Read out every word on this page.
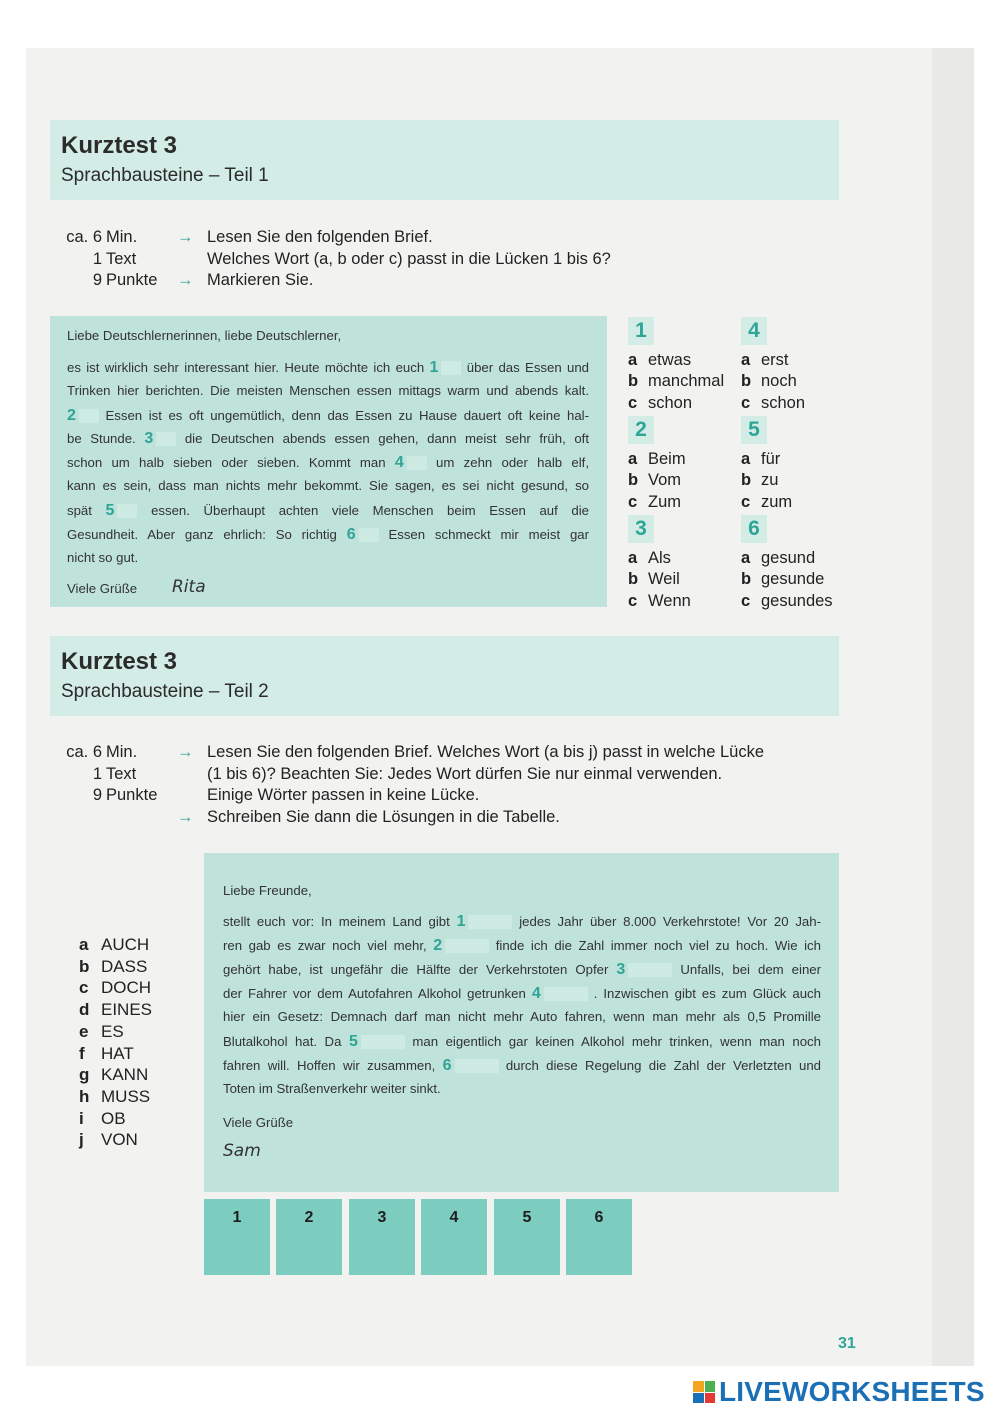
Kurztest 3
Sprachbausteine – Teil 1
ca. 6 Min.
1 Text
9 Punkte
→ Lesen Sie den folgenden Brief.
Welches Wort (a, b oder c) passt in die Lücken 1 bis 6?
→ Markieren Sie.
Liebe Deutschlernerinnen, liebe Deutschlerner,
es ist wirklich sehr interessant hier. Heute möchte ich euch 1 über das Essen und
Trinken hier berichten. Die meisten Menschen essen mittags warm und abends kalt.
2 Essen ist es oft ungemütlich, denn das Essen zu Hause dauert oft keine hal-
be Stunde. 3 die Deutschen abends essen gehen, dann meist sehr früh, oft
schon um halb sieben oder sieben. Kommt man 4 um zehn oder halb elf,
kann es sein, dass man nichts mehr bekommt. Sie sagen, es sei nicht gesund, so
spät 5	essen. Überhaupt achten viele Menschen beim Essen auf die
Gesundheit. Aber ganz ehrlich: So richtig 6 Essen schmeckt mir meist gar
nicht so gut.
Viele Grüße Rita
1
a etwas
b manchmal
c schon
2
a Beim
b Vom
c Zum
3
a Als
b Weil
c Wenn
4
a erst
b noch
c schon
5
a für
b zu
c zum
6
a gesund
b gesunde
c gesundes
Kurztest 3
Sprachbausteine – Teil 2
ca. 6 Min.
1 Text
9 Punkte
→ Lesen Sie den folgenden Brief. Welches Wort (a bis j) passt in welche Lücke
(1 bis 6)? Beachten Sie: Jedes Wort dürfen Sie nur einmal verwenden.
Einige Wörter passen in keine Lücke.
→ Schreiben Sie dann die Lösungen in die Tabelle.
a AUCH
b DASS
c DOCH
d EINES
e ES
f HAT
g KANN
h MUSS
i OB
j VON
Liebe Freunde,
stellt euch vor: In meinem Land gibt 1	jedes Jahr über 8.000 Verkehrstote! Vor 20 Jah-
ren gab es zwar noch viel mehr, 2	finde ich die Zahl immer noch viel zu hoch. Wie ich
gehört habe, ist ungefähr die Hälfte der Verkehrstoten Opfer 3	Unfalls, bei dem einer
der Fahrer vor dem Autofahren Alkohol getrunken 4	. Inzwischen gibt es zum Glück auch
hier ein Gesetz: Demnach darf man nicht mehr Auto fahren, wenn man mehr als 0,5 Promille
Blutalkohol hat. Da 5	man eigentlich gar keinen Alkohol mehr trinken, wenn man noch
fahren will. Hoffen wir zusammen, 6	durch diese Regelung die Zahl der Verletzten und
Toten im Straßenverkehr weiter sinkt.
Viele Grüße
Sam
1	2	3	4	5	6
31
LIVEWORKSHEETS
